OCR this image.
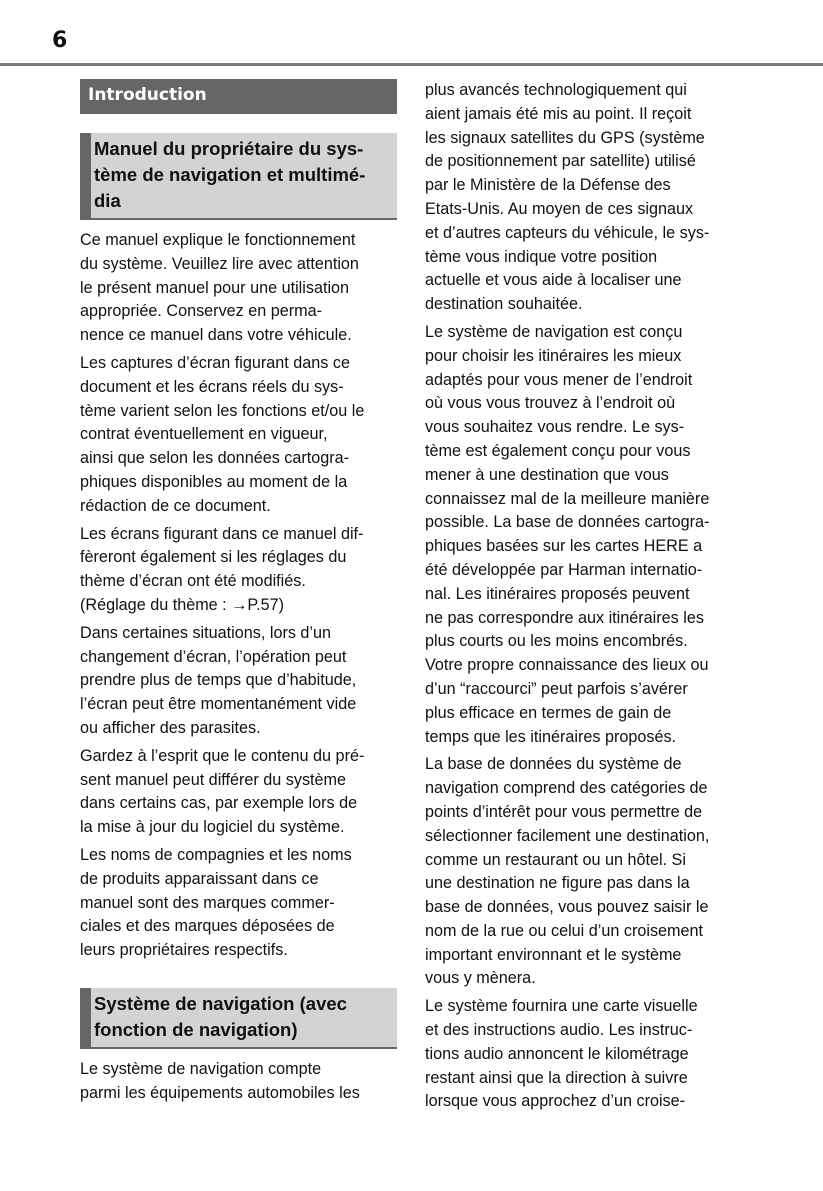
6
Introduction
Manuel du propriétaire du sys-
tème de navigation et multimé-
dia
Ce manuel explique le fonctionnement
du système. Veuillez lire avec attention
le présent manuel pour une utilisation
appropriée. Conservez en perma-
nence ce manuel dans votre véhicule.
Les captures d’écran figurant dans ce
document et les écrans réels du sys-
tème varient selon les fonctions et/ou le
contrat éventuellement en vigueur,
ainsi que selon les données cartogra-
phiques disponibles au moment de la
rédaction de ce document.
Les écrans figurant dans ce manuel dif-
fèreront également si les réglages du
thème d’écran ont été modifiés.
(Réglage du thème : →P.57)
Dans certaines situations, lors d’un
changement d’écran, l’opération peut
prendre plus de temps que d’habitude,
l’écran peut être momentanément vide
ou afficher des parasites.
Gardez à l’esprit que le contenu du pré-
sent manuel peut différer du système
dans certains cas, par exemple lors de
la mise à jour du logiciel du système.
Les noms de compagnies et les noms
de produits apparaissant dans ce
manuel sont des marques commer-
ciales et des marques déposées de
leurs propriétaires respectifs.
Système de navigation (avec
fonction de navigation)
Le système de navigation compte
parmi les équipements automobiles les
plus avancés technologiquement qui
aient jamais été mis au point. Il reçoit
les signaux satellites du GPS (système
de positionnement par satellite) utilisé
par le Ministère de la Défense des
Etats-Unis. Au moyen de ces signaux
et d’autres capteurs du véhicule, le sys-
tème vous indique votre position
actuelle et vous aide à localiser une
destination souhaitée.
Le système de navigation est conçu
pour choisir les itinéraires les mieux
adaptés pour vous mener de l’endroit
où vous vous trouvez à l’endroit où
vous souhaitez vous rendre. Le sys-
tème est également conçu pour vous
mener à une destination que vous
connaissez mal de la meilleure manière
possible. La base de données cartogra-
phiques basées sur les cartes HERE a
été développée par Harman internatio-
nal. Les itinéraires proposés peuvent
ne pas correspondre aux itinéraires les
plus courts ou les moins encombrés.
Votre propre connaissance des lieux ou
d’un “raccourci” peut parfois s’avérer
plus efficace en termes de gain de
temps que les itinéraires proposés.
La base de données du système de
navigation comprend des catégories de
points d’intérêt pour vous permettre de
sélectionner facilement une destination,
comme un restaurant ou un hôtel. Si
une destination ne figure pas dans la
base de données, vous pouvez saisir le
nom de la rue ou celui d’un croisement
important environnant et le système
vous y mènera.
Le système fournira une carte visuelle
et des instructions audio. Les instruc-
tions audio annoncent le kilométrage
restant ainsi que la direction à suivre
lorsque vous approchez d’un croise-
